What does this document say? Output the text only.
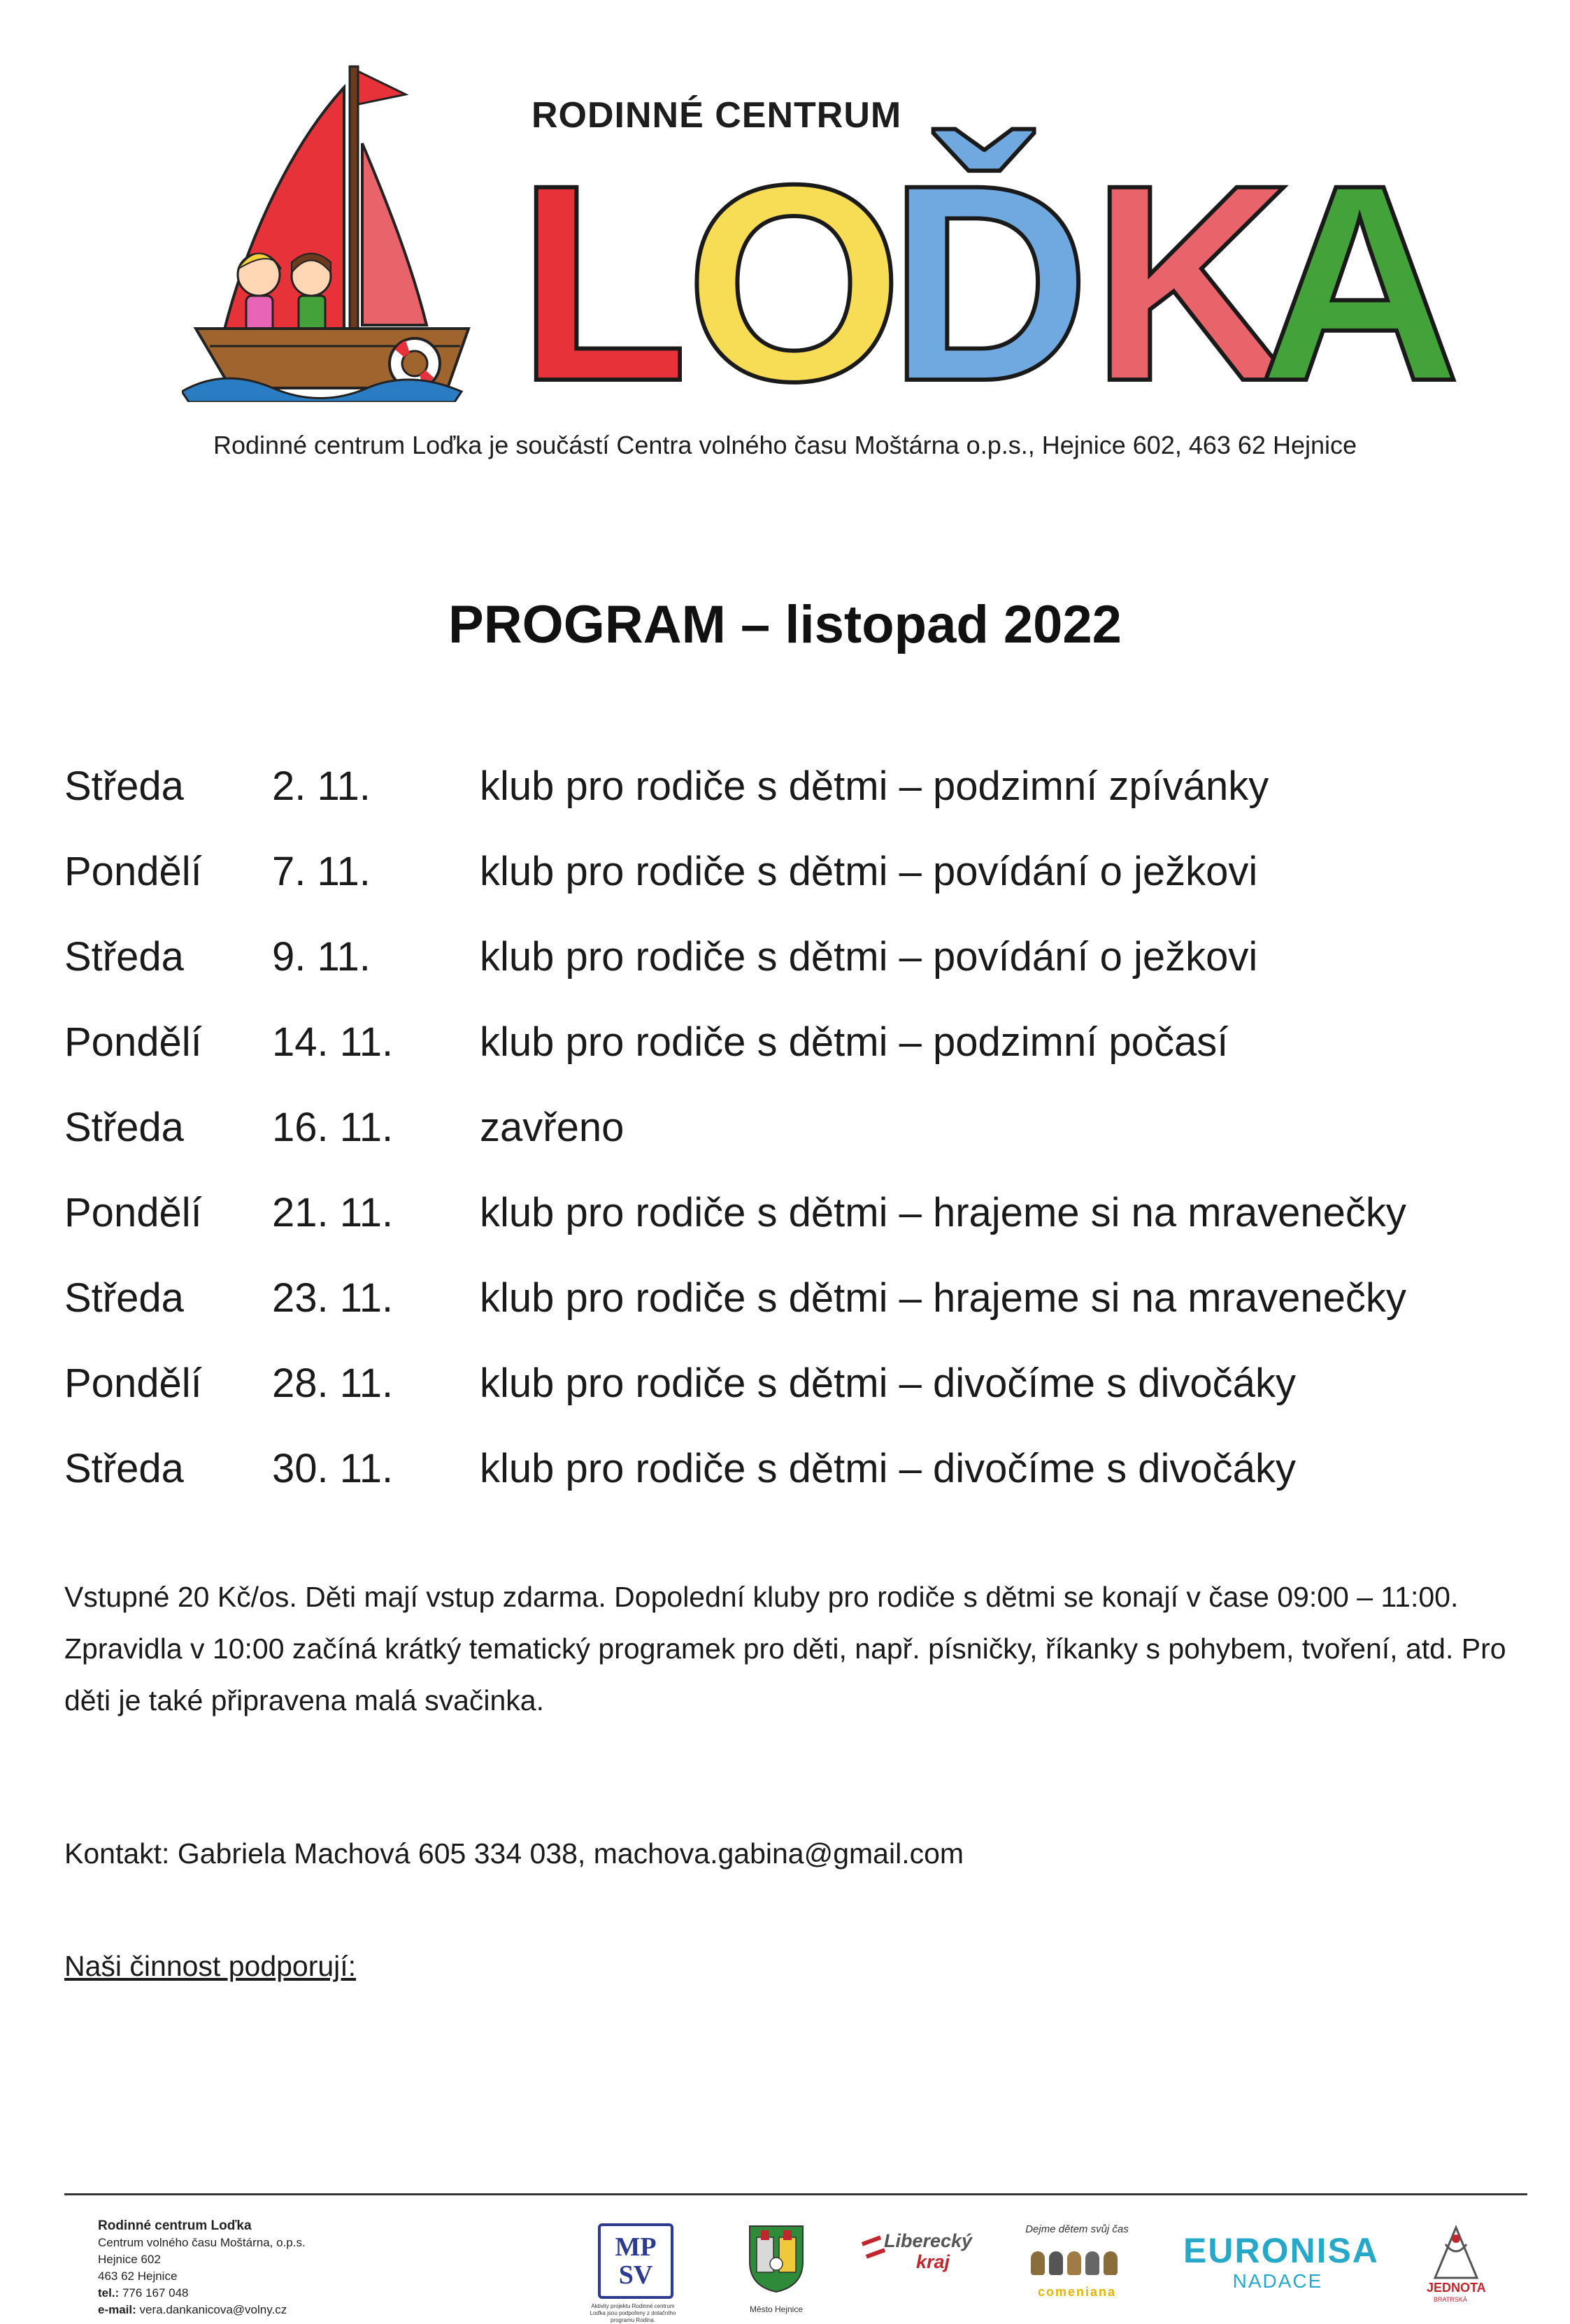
RODINNÉ CENTRUM
L
O
Ď K
A
Rodinné centrum Loďka je součástí Centra volného času Moštárna o.p.s., Hejnice 602, 463 62 Hejnice
PROGRAM – listopad 2022
Středa 2. 11.	klub pro rodiče s dětmi – podzimní zpívánky
Pondělí 7. 11.	klub pro rodiče s dětmi – povídání o ježkovi
Středa 9. 11.	klub pro rodiče s dětmi – povídání o ježkovi
Pondělí 14. 11. klub pro rodiče s dětmi – podzimní počasí
Středa 16. 11. zavřeno
Pondělí 21. 11. klub pro rodiče s dětmi – hrajeme si na mravenečky
Středa 23. 11. klub pro rodiče s dětmi – hrajeme si na mravenečky
Pondělí 28. 11. klub pro rodiče s dětmi – divočíme s divočáky
Středa 30. 11. klub pro rodiče s dětmi – divočíme s divočáky
Vstupné 20 Kč/os. Děti mají vstup zdarma. Dopolední kluby pro rodiče s dětmi se konají v čase 09:00 – 11:00. Zpravidla v 10:00 začíná krátký tematický programek pro děti, např. písničky, říkanky s pohybem, tvoření, atd. Pro děti je také připravena malá svačinka.
Kontakt: Gabriela Machová 605 334 038, machova.gabina@gmail.com
Naši činnost podporují:
Rodinné centrum Loďka
Centrum volného času Moštárna, o.p.s.
Hejnice 602
463 62 Hejnice
tel.: 776 167 048
e-mail: vera.dankanicova@volny.cz
MP
SV
Aktivity projektu Rodinné centrum Loďka jsou podpořeny z dotačního programu Rodina.
Město Hejnice
Liberecký
kraj
Dejme dětem svůj čas
comeniana
EURONISA
NADACE	JEDNOTA
BRATRSKÁ
